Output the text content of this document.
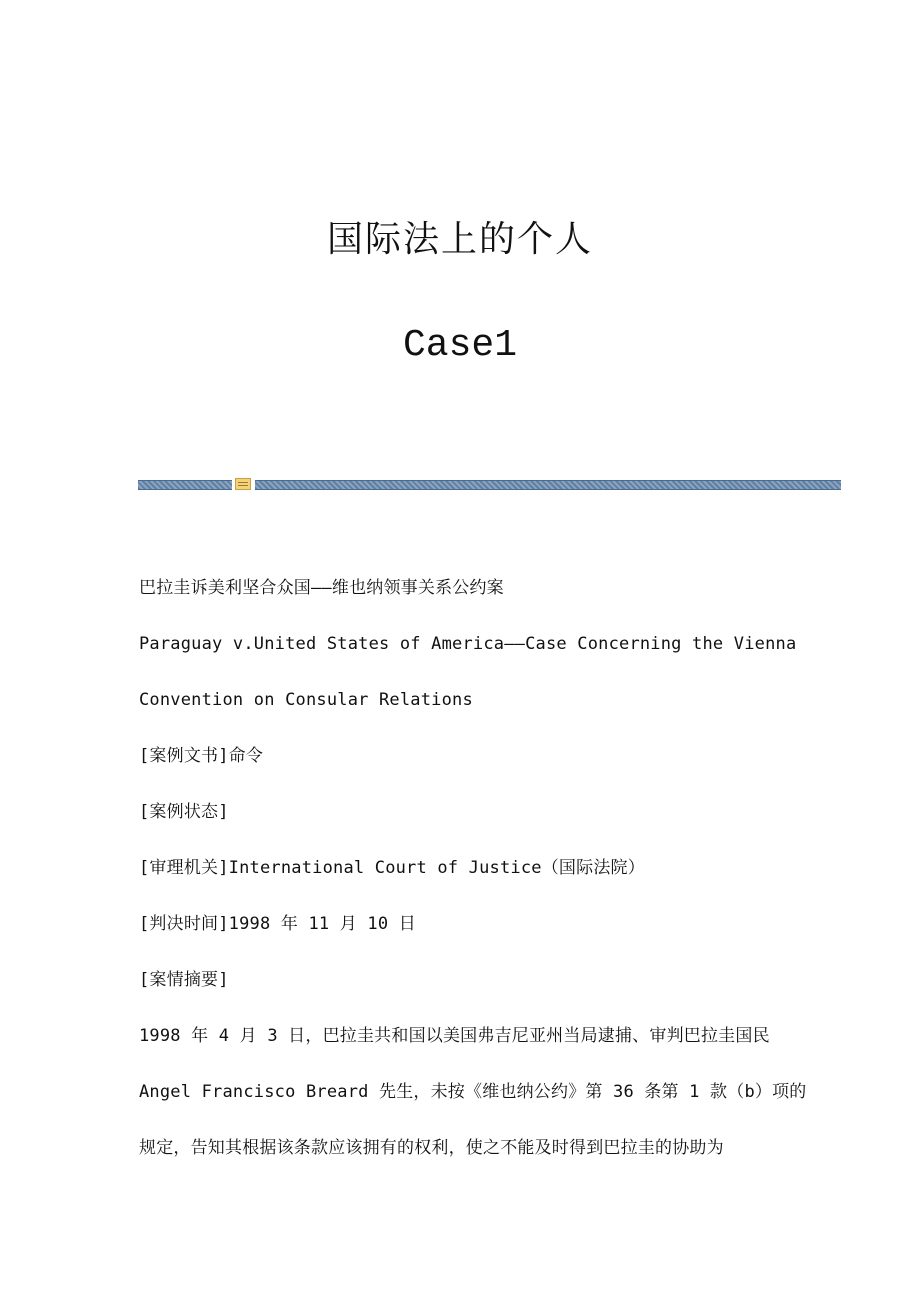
国际法上的个人
Case1
巴拉圭诉美利坚合众国——维也纳领事关系公约案
Paraguay v.United States of America——Case Concerning the Vienna
Convention on Consular Relations
[案例文书]命令
[案例状态]
[审理机关]International Court of Justice（国际法院）
[判决时间]1998 年 11 月 10 日
[案情摘要]
1998 年 4 月 3 日，巴拉圭共和国以美国弗吉尼亚州当局逮捕、审判巴拉圭国民
Angel Francisco Breard 先生，未按《维也纳公约》第 36 条第 1 款（b）项的
规定，告知其根据该条款应该拥有的权利，使之不能及时得到巴拉圭的协助为
